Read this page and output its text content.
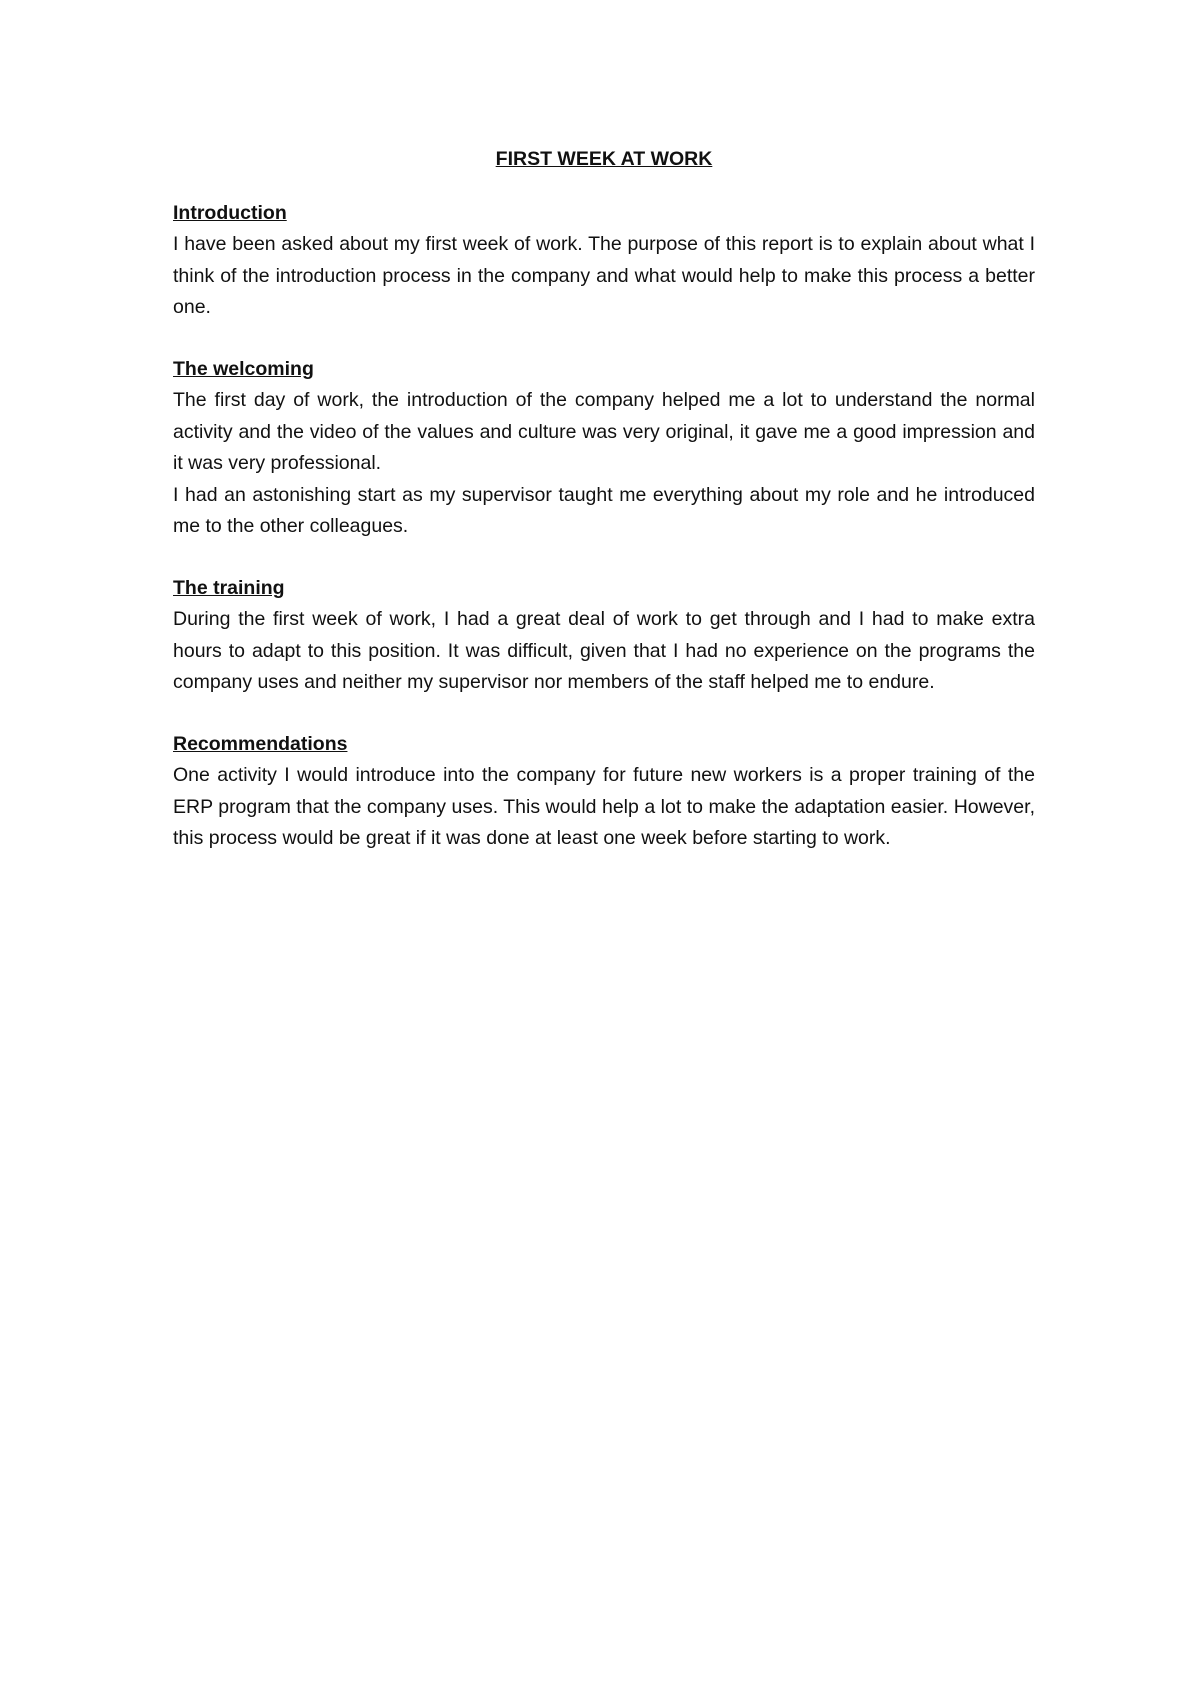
FIRST WEEK AT WORK

Introduction

I have been asked about my first week of work. The purpose of this report is to explain about what I think of the introduction process in the company and what would help to make this process a better one.

The welcoming

The first day of work, the introduction of the company helped me a lot to understand the normal activity and the video of the values and culture was very original, it gave me a good impression and it was very professional.

I had an astonishing start as my supervisor taught me everything about my role and he introduced me to the other colleagues.

The training

During the first week of work, I had a great deal of work to get through and I had to make extra hours to adapt to this position. It was difficult, given that I had no experience on the programs the company uses and neither my supervisor nor members of the staff helped me to endure.

Recommendations

One activity I would introduce into the company for future new workers is a proper training of the ERP program that the company uses. This would help a lot to make the adaptation easier. However, this process would be great if it was done at least one week before starting to work.
